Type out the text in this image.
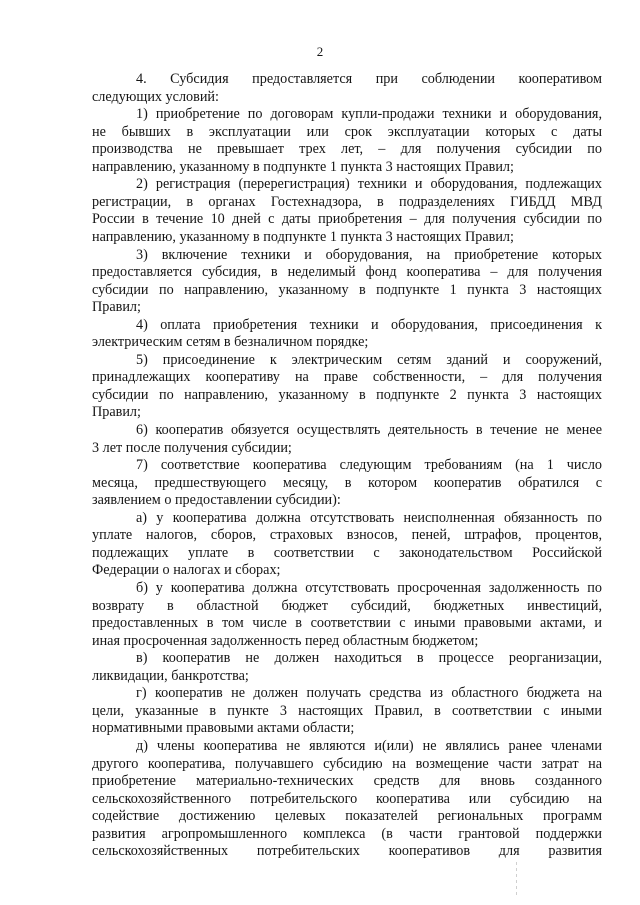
2
4. Субсидия предоставляется при соблюдении кооперативом
следующих условий:
1) приобретение по договорам купли-продажи техники и оборудования,
не бывших в эксплуатации или срок эксплуатации которых с даты
производства не превышает трех лет, – для получения субсидии по
направлению, указанному в подпункте 1 пункта 3 настоящих Правил;
2) регистрация (перерегистрация) техники и оборудования, подлежащих
регистрации, в органах Гостехнадзора, в подразделениях ГИБДД МВД
России в течение 10 дней с даты приобретения – для получения субсидии по
направлению, указанному в подпункте 1 пункта 3 настоящих Правил;
3) включение техники и оборудования, на приобретение которых
предоставляется субсидия, в неделимый фонд кооператива – для получения
субсидии по направлению, указанному в подпункте 1 пункта 3 настоящих
Правил;
4) оплата приобретения техники и оборудования, присоединения к
электрическим сетям в безналичном порядке;
5) присоединение к электрическим сетям зданий и сооружений,
принадлежащих кооперативу на праве собственности, – для получения
субсидии по направлению, указанному в подпункте 2 пункта 3 настоящих
Правил;
6) кооператив обязуется осуществлять деятельность в течение не менее
3 лет после получения субсидии;
7) соответствие кооператива следующим требованиям (на 1 число
месяца, предшествующего месяцу, в котором кооператив обратился с
заявлением о предоставлении субсидии):
а) у кооператива должна отсутствовать неисполненная обязанность по
уплате налогов, сборов, страховых взносов, пеней, штрафов, процентов,
подлежащих уплате в соответствии с законодательством Российской
Федерации о налогах и сборах;
б) у кооператива должна отсутствовать просроченная задолженность по
возврату в областной бюджет субсидий, бюджетных инвестиций,
предоставленных в том числе в соответствии с иными правовыми актами, и
иная просроченная задолженность перед областным бюджетом;
в) кооператив не должен находиться в процессе реорганизации,
ликвидации, банкротства;
г) кооператив не должен получать средства из областного бюджета на
цели, указанные в пункте 3 настоящих Правил, в соответствии с иными
нормативными правовыми актами области;
д) члены кооператива не являются и(или) не являлись ранее членами
другого кооператива, получавшего субсидию на возмещение части затрат на
приобретение материально-технических средств для вновь созданного
сельскохозяйственного потребительского кооператива или субсидию на
содействие достижению целевых показателей региональных программ
развития агропромышленного комплекса (в части грантовой поддержки
сельскохозяйственных потребительских кооперативов для развития
